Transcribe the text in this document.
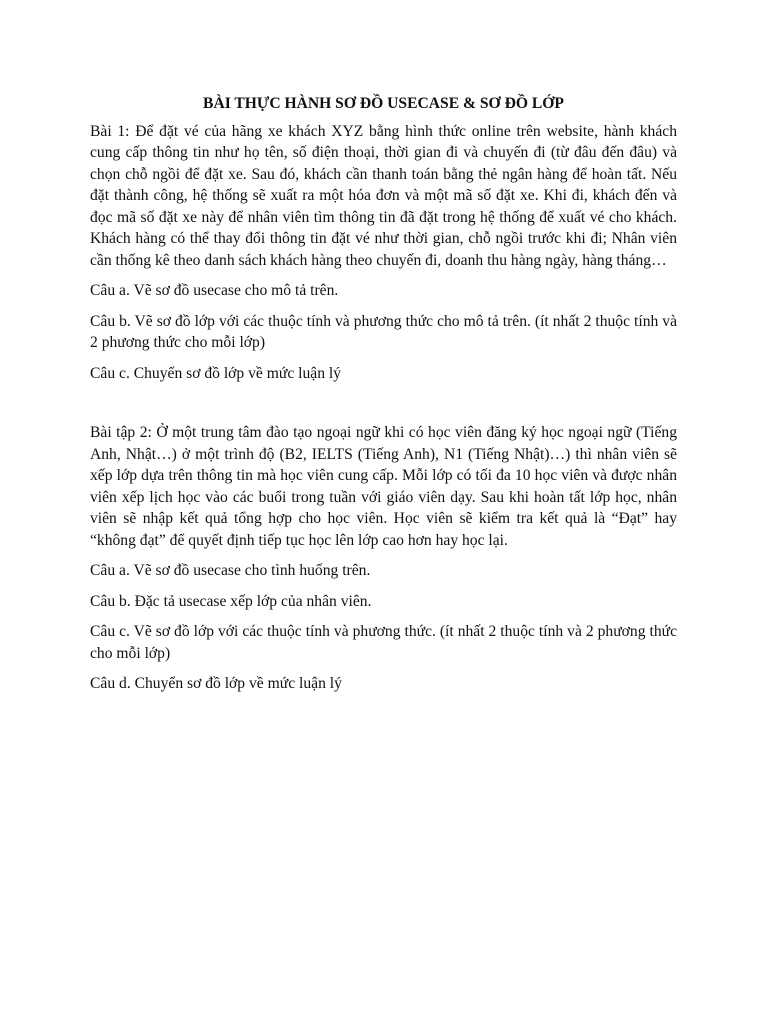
BÀI THỰC HÀNH SƠ ĐỒ USECASE & SƠ ĐỒ LỚP

Bài 1: Để đặt vé của hãng xe khách XYZ bằng hình thức online trên website, hành khách cung cấp thông tin như họ tên, số điện thoại, thời gian đi và chuyến đi (từ đâu đến đâu) và chọn chỗ ngồi để đặt xe. Sau đó, khách cần thanh toán bằng thẻ ngân hàng để hoàn tất. Nếu đặt thành công, hệ thống sẽ xuất ra một hóa đơn và một mã số đặt xe. Khi đi, khách đến và đọc mã số đặt xe này để nhân viên tìm thông tin đã đặt trong hệ thống để xuất vé cho khách. Khách hàng có thể thay đổi thông tin đặt vé như thời gian, chỗ ngồi trước khi đi; Nhân viên cần thống kê theo danh sách khách hàng theo chuyến đi, doanh thu hàng ngày, hàng tháng…

Câu a. Vẽ sơ đồ usecase cho mô tả trên.

Câu b. Vẽ sơ đồ lớp với các thuộc tính và phương thức cho mô tả trên. (ít nhất 2 thuộc tính và 2 phương thức cho mỗi lớp)

Câu c. Chuyển sơ đồ lớp về mức luận lý

Bài tập 2: Ở một trung tâm đào tạo ngoại ngữ khi có học viên đăng ký học ngoại ngữ (Tiếng Anh, Nhật…) ở một trình độ (B2, IELTS (Tiếng Anh), N1 (Tiếng Nhật)…) thì nhân viên sẽ xếp lớp dựa trên thông tin mà học viên cung cấp. Mỗi lớp có tối đa 10 học viên và được nhân viên xếp lịch học vào các buổi trong tuần với giáo viên dạy. Sau khi hoàn tất lớp học, nhân viên sẽ nhập kết quả tổng hợp cho học viên. Học viên sẽ kiểm tra kết quả là “Đạt” hay “không đạt” để quyết định tiếp tục học lên lớp cao hơn hay học lại.

Câu a. Vẽ sơ đồ usecase cho tình huống trên.

Câu b. Đặc tả usecase xếp lớp của nhân viên.

Câu c. Vẽ sơ đồ lớp với các thuộc tính và phương thức. (ít nhất 2 thuộc tính và 2 phương thức cho mỗi lớp)

Câu d. Chuyển sơ đồ lớp về mức luận lý
